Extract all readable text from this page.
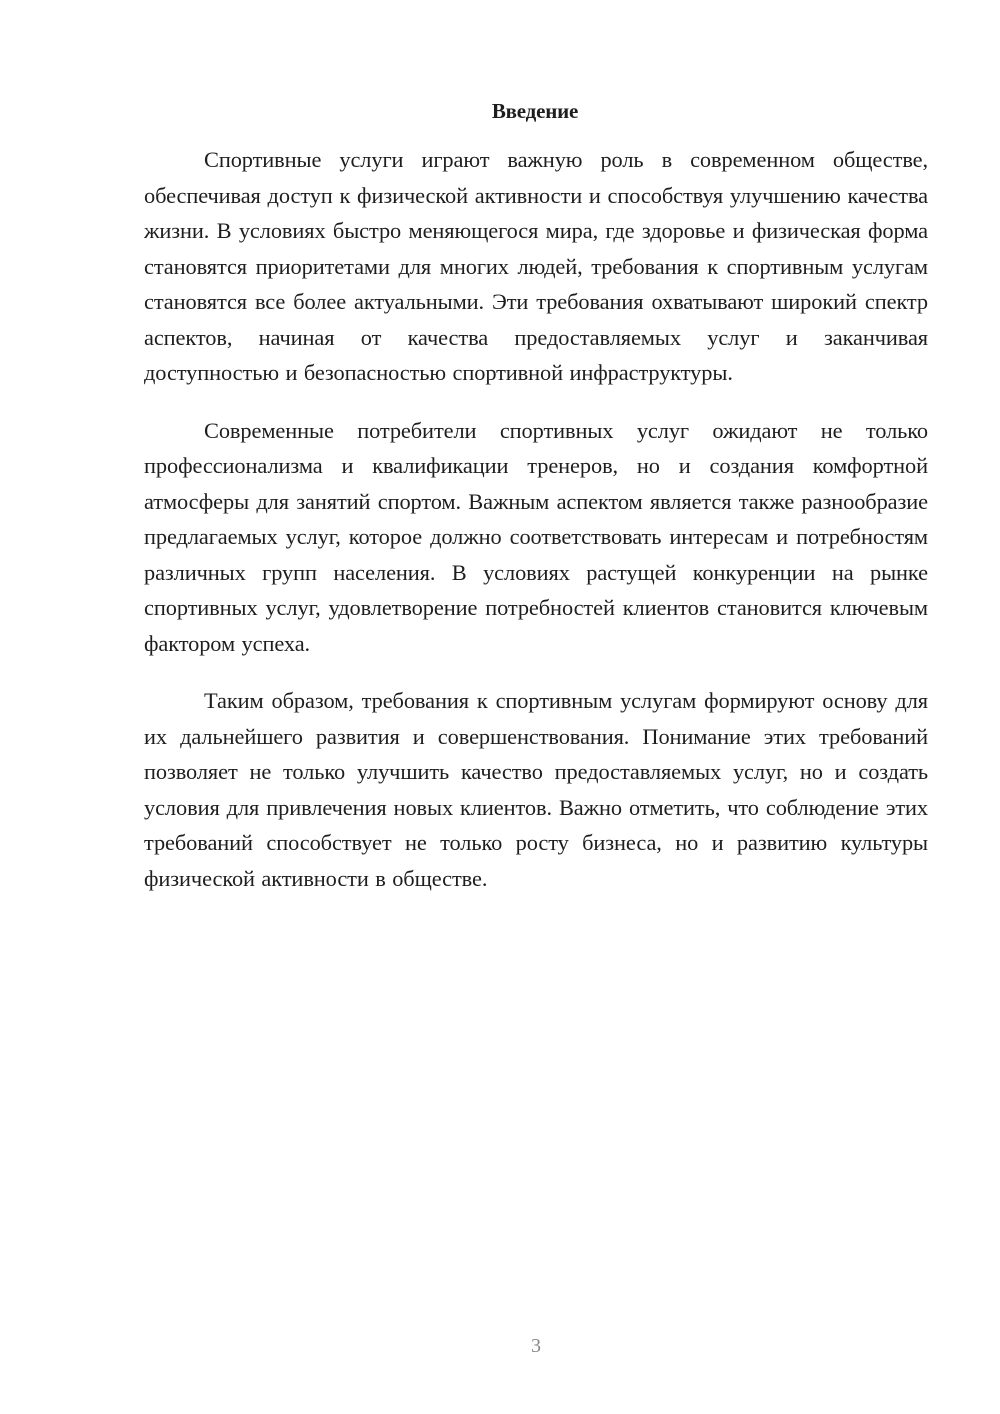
Введение

Спортивные услуги играют важную роль в современном обществе, обеспечивая доступ к физической активности и способствуя улучшению качества жизни. В условиях быстро меняющегося мира, где здоровье и физическая форма становятся приоритетами для многих людей, требования к спортивным услугам становятся все более актуальными. Эти требования охватывают широкий спектр аспектов, начиная от качества предоставляемых услуг и заканчивая доступностью и безопасностью спортивной инфраструктуры.

Современные потребители спортивных услуг ожидают не только профессионализма и квалификации тренеров, но и создания комфортной атмосферы для занятий спортом. Важным аспектом является также разнообразие предлагаемых услуг, которое должно соответствовать интересам и потребностям различных групп населения. В условиях растущей конкуренции на рынке спортивных услуг, удовлетворение потребностей клиентов становится ключевым фактором успеха.

Таким образом, требования к спортивным услугам формируют основу для их дальнейшего развития и совершенствования. Понимание этих требований позволяет не только улучшить качество предоставляемых услуг, но и создать условия для привлечения новых клиентов. Важно отметить, что соблюдение этих требований способствует не только росту бизнеса, но и развитию культуры физической активности в обществе.

3
